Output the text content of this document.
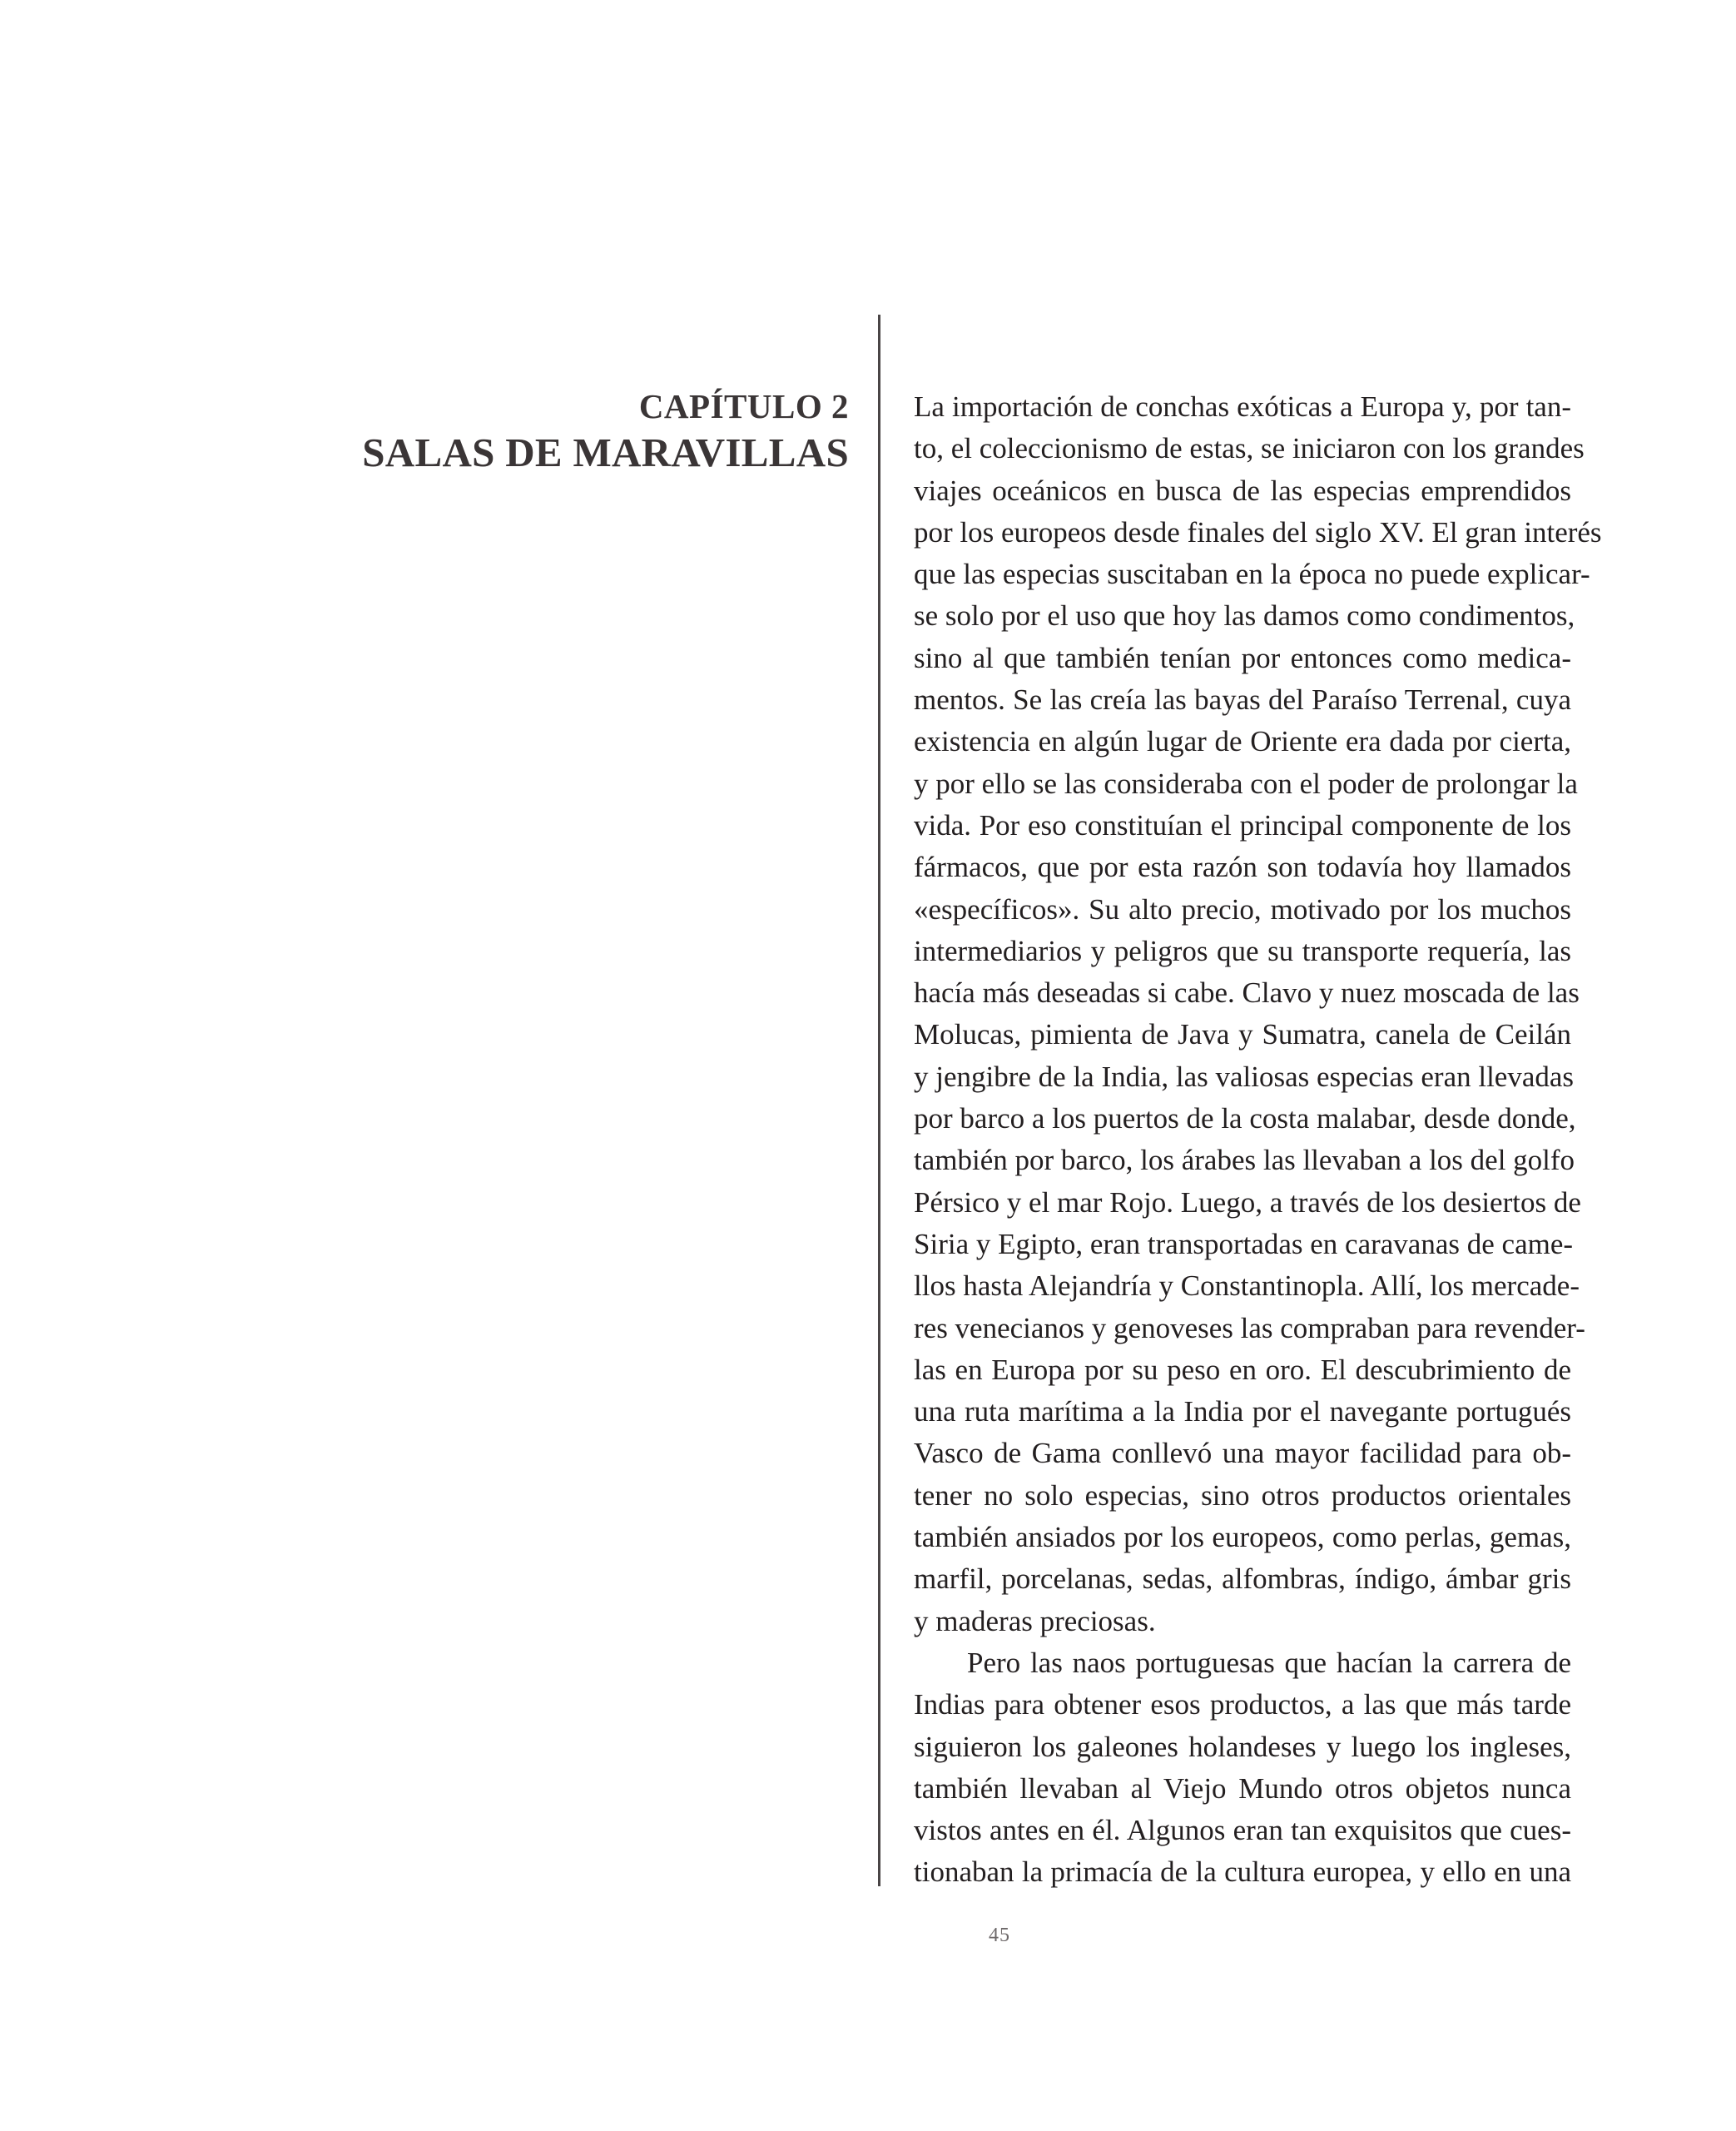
CAPÍTULO 2
SALAS DE MARAVILLAS
La importación de conchas exóticas a Europa y, por tan-
to, el coleccionismo de estas, se iniciaron con los grandes
viajes oceánicos en busca de las especias emprendidos
por los europeos desde finales del siglo XV. El gran interés
que las especias suscitaban en la época no puede explicar-
se solo por el uso que hoy las damos como condimentos,
sino al que también tenían por entonces como medica-
mentos. Se las creía las bayas del Paraíso Terrenal, cuya
existencia en algún lugar de Oriente era dada por cierta,
y por ello se las consideraba con el poder de prolongar la
vida. Por eso constituían el principal componente de los
fármacos, que por esta razón son todavía hoy llamados
«específicos». Su alto precio, motivado por los muchos
intermediarios y peligros que su transporte requería, las
hacía más deseadas si cabe. Clavo y nuez moscada de las
Molucas, pimienta de Java y Sumatra, canela de Ceilán
y jengibre de la India, las valiosas especias eran llevadas
por barco a los puertos de la costa malabar, desde donde,
también por barco, los árabes las llevaban a los del golfo
Pérsico y el mar Rojo. Luego, a través de los desiertos de
Siria y Egipto, eran transportadas en caravanas de came-
llos hasta Alejandría y Constantinopla. Allí, los mercade-
res venecianos y genoveses las compraban para revender-
las en Europa por su peso en oro. El descubrimiento de
una ruta marítima a la India por el navegante portugués
Vasco de Gama conllevó una mayor facilidad para ob-
tener no solo especias, sino otros productos orientales
también ansiados por los europeos, como perlas, gemas,
marfil, porcelanas, sedas, alfombras, índigo, ámbar gris
y maderas preciosas.
Pero las naos portuguesas que hacían la carrera de
Indias para obtener esos productos, a las que más tarde
siguieron los galeones holandeses y luego los ingleses,
también llevaban al Viejo Mundo otros objetos nunca
vistos antes en él. Algunos eran tan exquisitos que cues-
tionaban la primacía de la cultura europea, y ello en una
45
